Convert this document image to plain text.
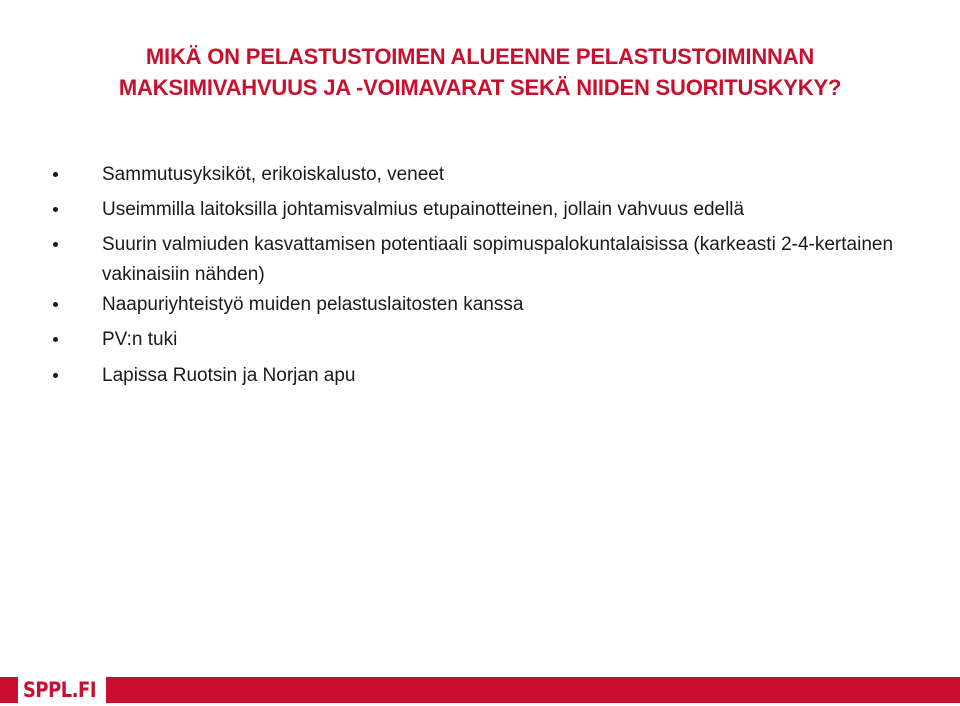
MIKÄ ON PELASTUSTOIMEN ALUEENNE PELASTUSTOIMINNAN
MAKSIMIVAHVUUS JA -VOIMAVARAT SEKÄ NIIDEN SUORITUSKYKY?
Sammutusyksiköt, erikoiskalusto, veneet
Useimmilla laitoksilla johtamisvalmius etupainotteinen, jollain vahvuus edellä
Suurin valmiuden kasvattamisen potentiaali sopimuspalokuntalaisissa (karkeasti 2-4-kertainen vakinaisiin nähden)
Naapuriyhteistyö muiden pelastuslaitosten kanssa
PV:n tuki
Lapissa Ruotsin ja Norjan apu
SPPL.FI
